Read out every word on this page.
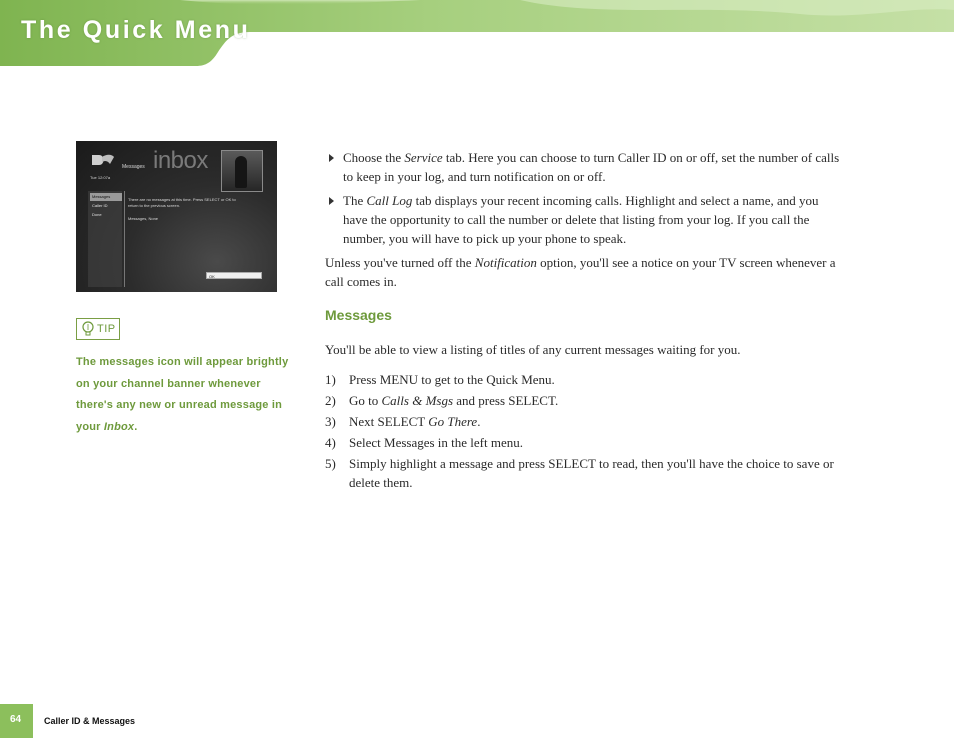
The Quick Menu
Messages inbox
Tue 12:07a
Messages
Caller ID
Done
There are no messages at this time. Press SELECT or OK to
return to the previous screen.
Messages, None
OK
TIP

The messages icon will appear brightly on your channel banner whenever there's any new or unread message in your Inbox.

Choose the Service tab. Here you can choose to turn Caller ID on or off, set the number of calls to keep in your log, and turn notification on or off.

The Call Log tab displays your recent incoming calls. Highlight and select a name, and you have the opportunity to call the number or delete that listing from your log. If you call the number, you will have to pick up your phone to speak.

Unless you've turned off the Notification option, you'll see a notice on your TV screen whenever a call comes in.

Messages

You'll be able to view a listing of titles of any current messages waiting for you.

1) Press MENU to get to the Quick Menu.
2) Go to Calls & Msgs and press SELECT.
3) Next SELECT Go There.
4) Select Messages in the left menu.
5) Simply highlight a message and press SELECT to read, then you'll have the choice to save or delete them.
64	Caller ID & Messages
